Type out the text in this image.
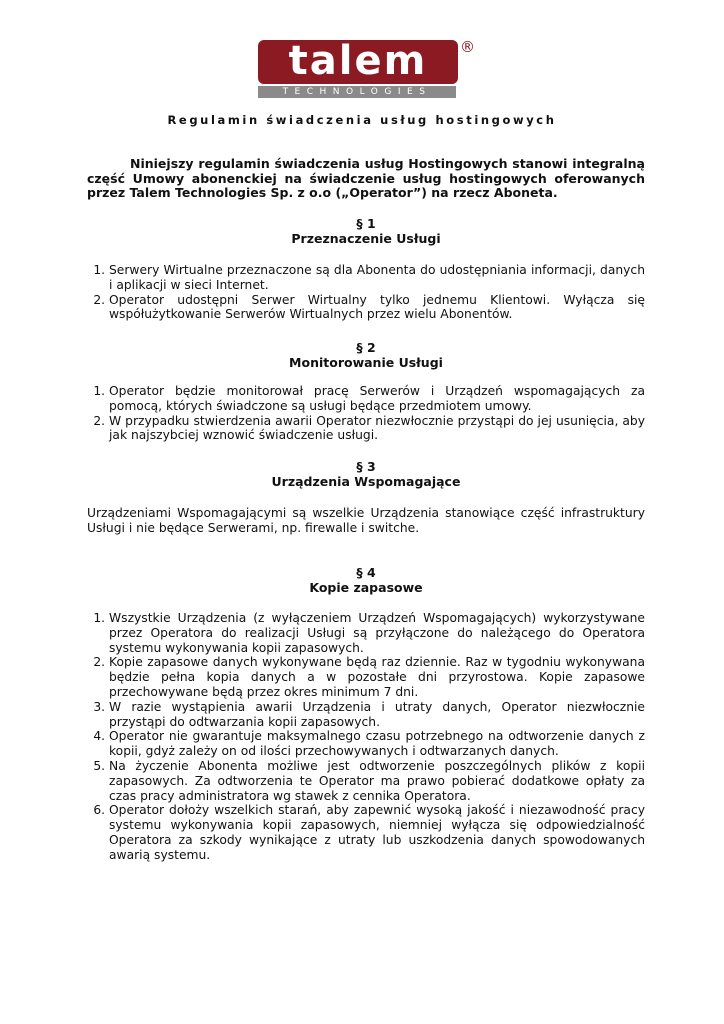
talem	®
TECHNOLOGIES
Regulamin świadczenia usług hostingowych

Niniejszy regulamin świadczenia usług Hostingowych stanowi integralną część Umowy abonenckiej na świadczenie usług hostingowych oferowanych przez Talem Technologies Sp. z o.o („Operator”) na rzecz Aboneta.

§ 1
Przeznaczenie Usługi
1. Serwery Wirtualne przeznaczone są dla Abonenta do udostępniania informacji, danych i aplikacji w sieci Internet.
2. Operator udostępni Serwer Wirtualny tylko jednemu Klientowi. Wyłącza się współużytkowanie Serwerów Wirtualnych przez wielu Abonentów.
§ 2
Monitorowanie Usługi
1. Operator będzie monitorował pracę Serwerów i Urządzeń wspomagających za pomocą, których świadczone są usługi będące przedmiotem umowy.
2. W przypadku stwierdzenia awarii Operator niezwłocznie przystąpi do jej usunięcia, aby jak najszybciej wznowić świadczenie usługi.
§ 3
Urządzenia Wspomagające

Urządzeniami Wspomagającymi są wszelkie Urządzenia stanowiące część infrastruktury Usługi i nie będące Serwerami, np. firewalle i switche.

§ 4
Kopie zapasowe
1. Wszystkie Urządzenia (z wyłączeniem Urządzeń Wspomagających) wykorzystywane przez Operatora do realizacji Usługi są przyłączone do należącego do Operatora systemu wykonywania kopii zapasowych.
2. Kopie zapasowe danych wykonywane będą raz dziennie. Raz w tygodniu wykonywana będzie pełna kopia danych a w pozostałe dni przyrostowa. Kopie zapasowe przechowywane będą przez okres minimum 7 dni.
3. W razie wystąpienia awarii Urządzenia i utraty danych, Operator niezwłocznie przystąpi do odtwarzania kopii zapasowych.
4. Operator nie gwarantuje maksymalnego czasu potrzebnego na odtworzenie danych z kopii, gdyż zależy on od ilości przechowywanych i odtwarzanych danych.
5. Na życzenie Abonenta możliwe jest odtworzenie poszczególnych plików z kopii zapasowych. Za odtworzenia te Operator ma prawo pobierać dodatkowe opłaty za czas pracy administratora wg stawek z cennika Operatora.
6. Operator dołoży wszelkich starań, aby zapewnić wysoką jakość i niezawodność pracy systemu wykonywania kopii zapasowych, niemniej wyłącza się odpowiedzialność Operatora za szkody wynikające z utraty lub uszkodzenia danych spowodowanych awarią systemu.
